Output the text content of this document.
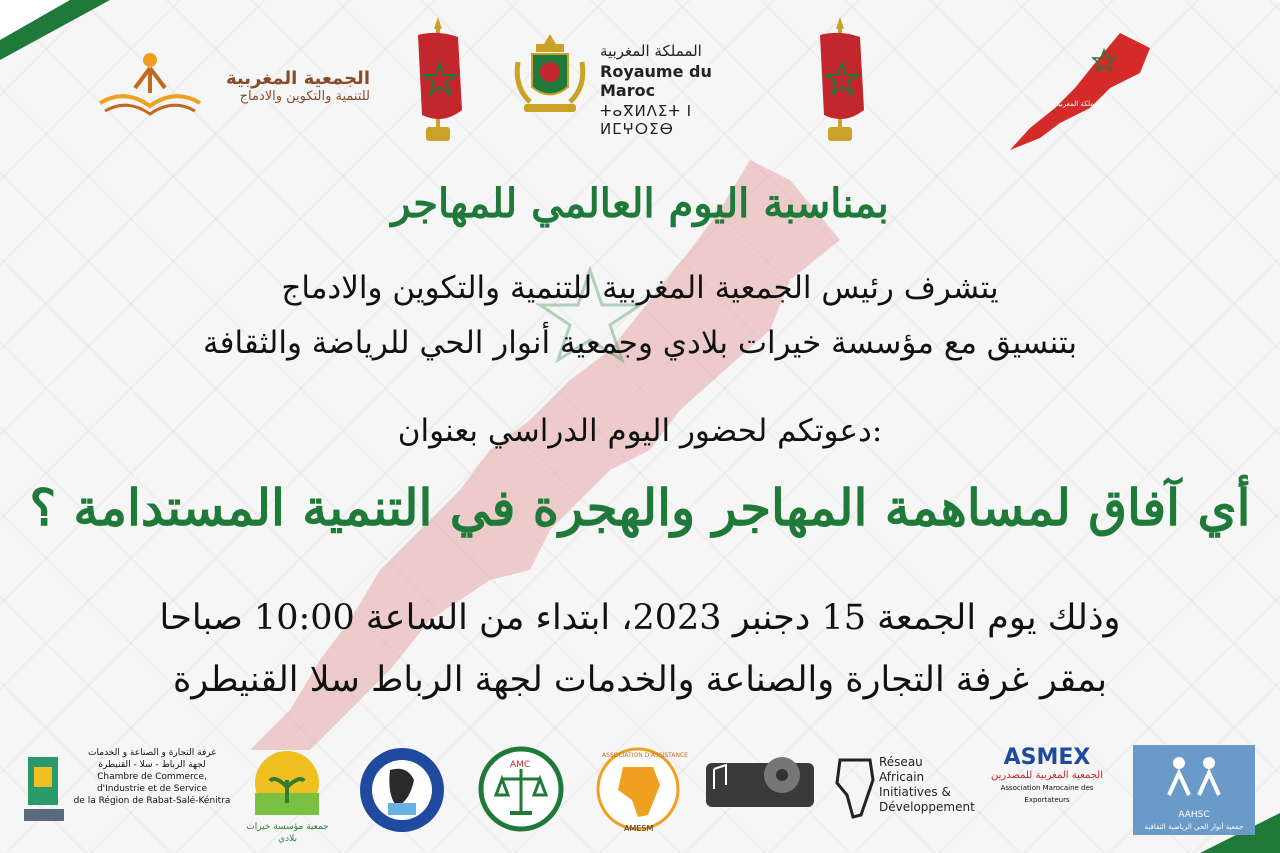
الجمعية المغربية
للتنمية والتكوين والادماج
المملكة المغربية
Royaume du Maroc
ⵜⴰⴳⵍⴷⵉⵜ ⵏ ⵍⵎⵖⵔⵉⴱ
المملكة المغربية
بمناسبة اليوم العالمي للمهاجر
يتشرف رئيس الجمعية المغربية للتنمية والتكوين والادماج
بتنسيق مع مؤسسة خيرات بلادي وجمعية أنوار الحي للرياضة والثقافة
دعوتكم لحضور اليوم الدراسي بعنوان:
أي آفاق لمساهمة المهاجر والهجرة في التنمية المستدامة ؟
وذلك يوم الجمعة 15 دجنبر 2023، ابتداء من الساعة 10:00 صباحا
بمقر غرفة التجارة والصناعة والخدمات لجهة الرباط سلا القنيطرة
غرفة التجارة و الصناعة و الخدمات
لجهة الرباط - سلا - القنيطرة
Chambre de Commerce, d'Industrie et de Service
de la Région de Rabat-Salé-Kénitra
جمعية مؤسسة خيرات بلادي
AMC
AMESM
ASSOCIATION D'ASSISTANCE	Réseau
Africain
Initiatives &
Développement
ASMEX
الجمعية المغربية للمصدرين
Association Marocaine des Exportateurs
AAHSC
جمعية أنوار الحي الرياضية الثقافية
